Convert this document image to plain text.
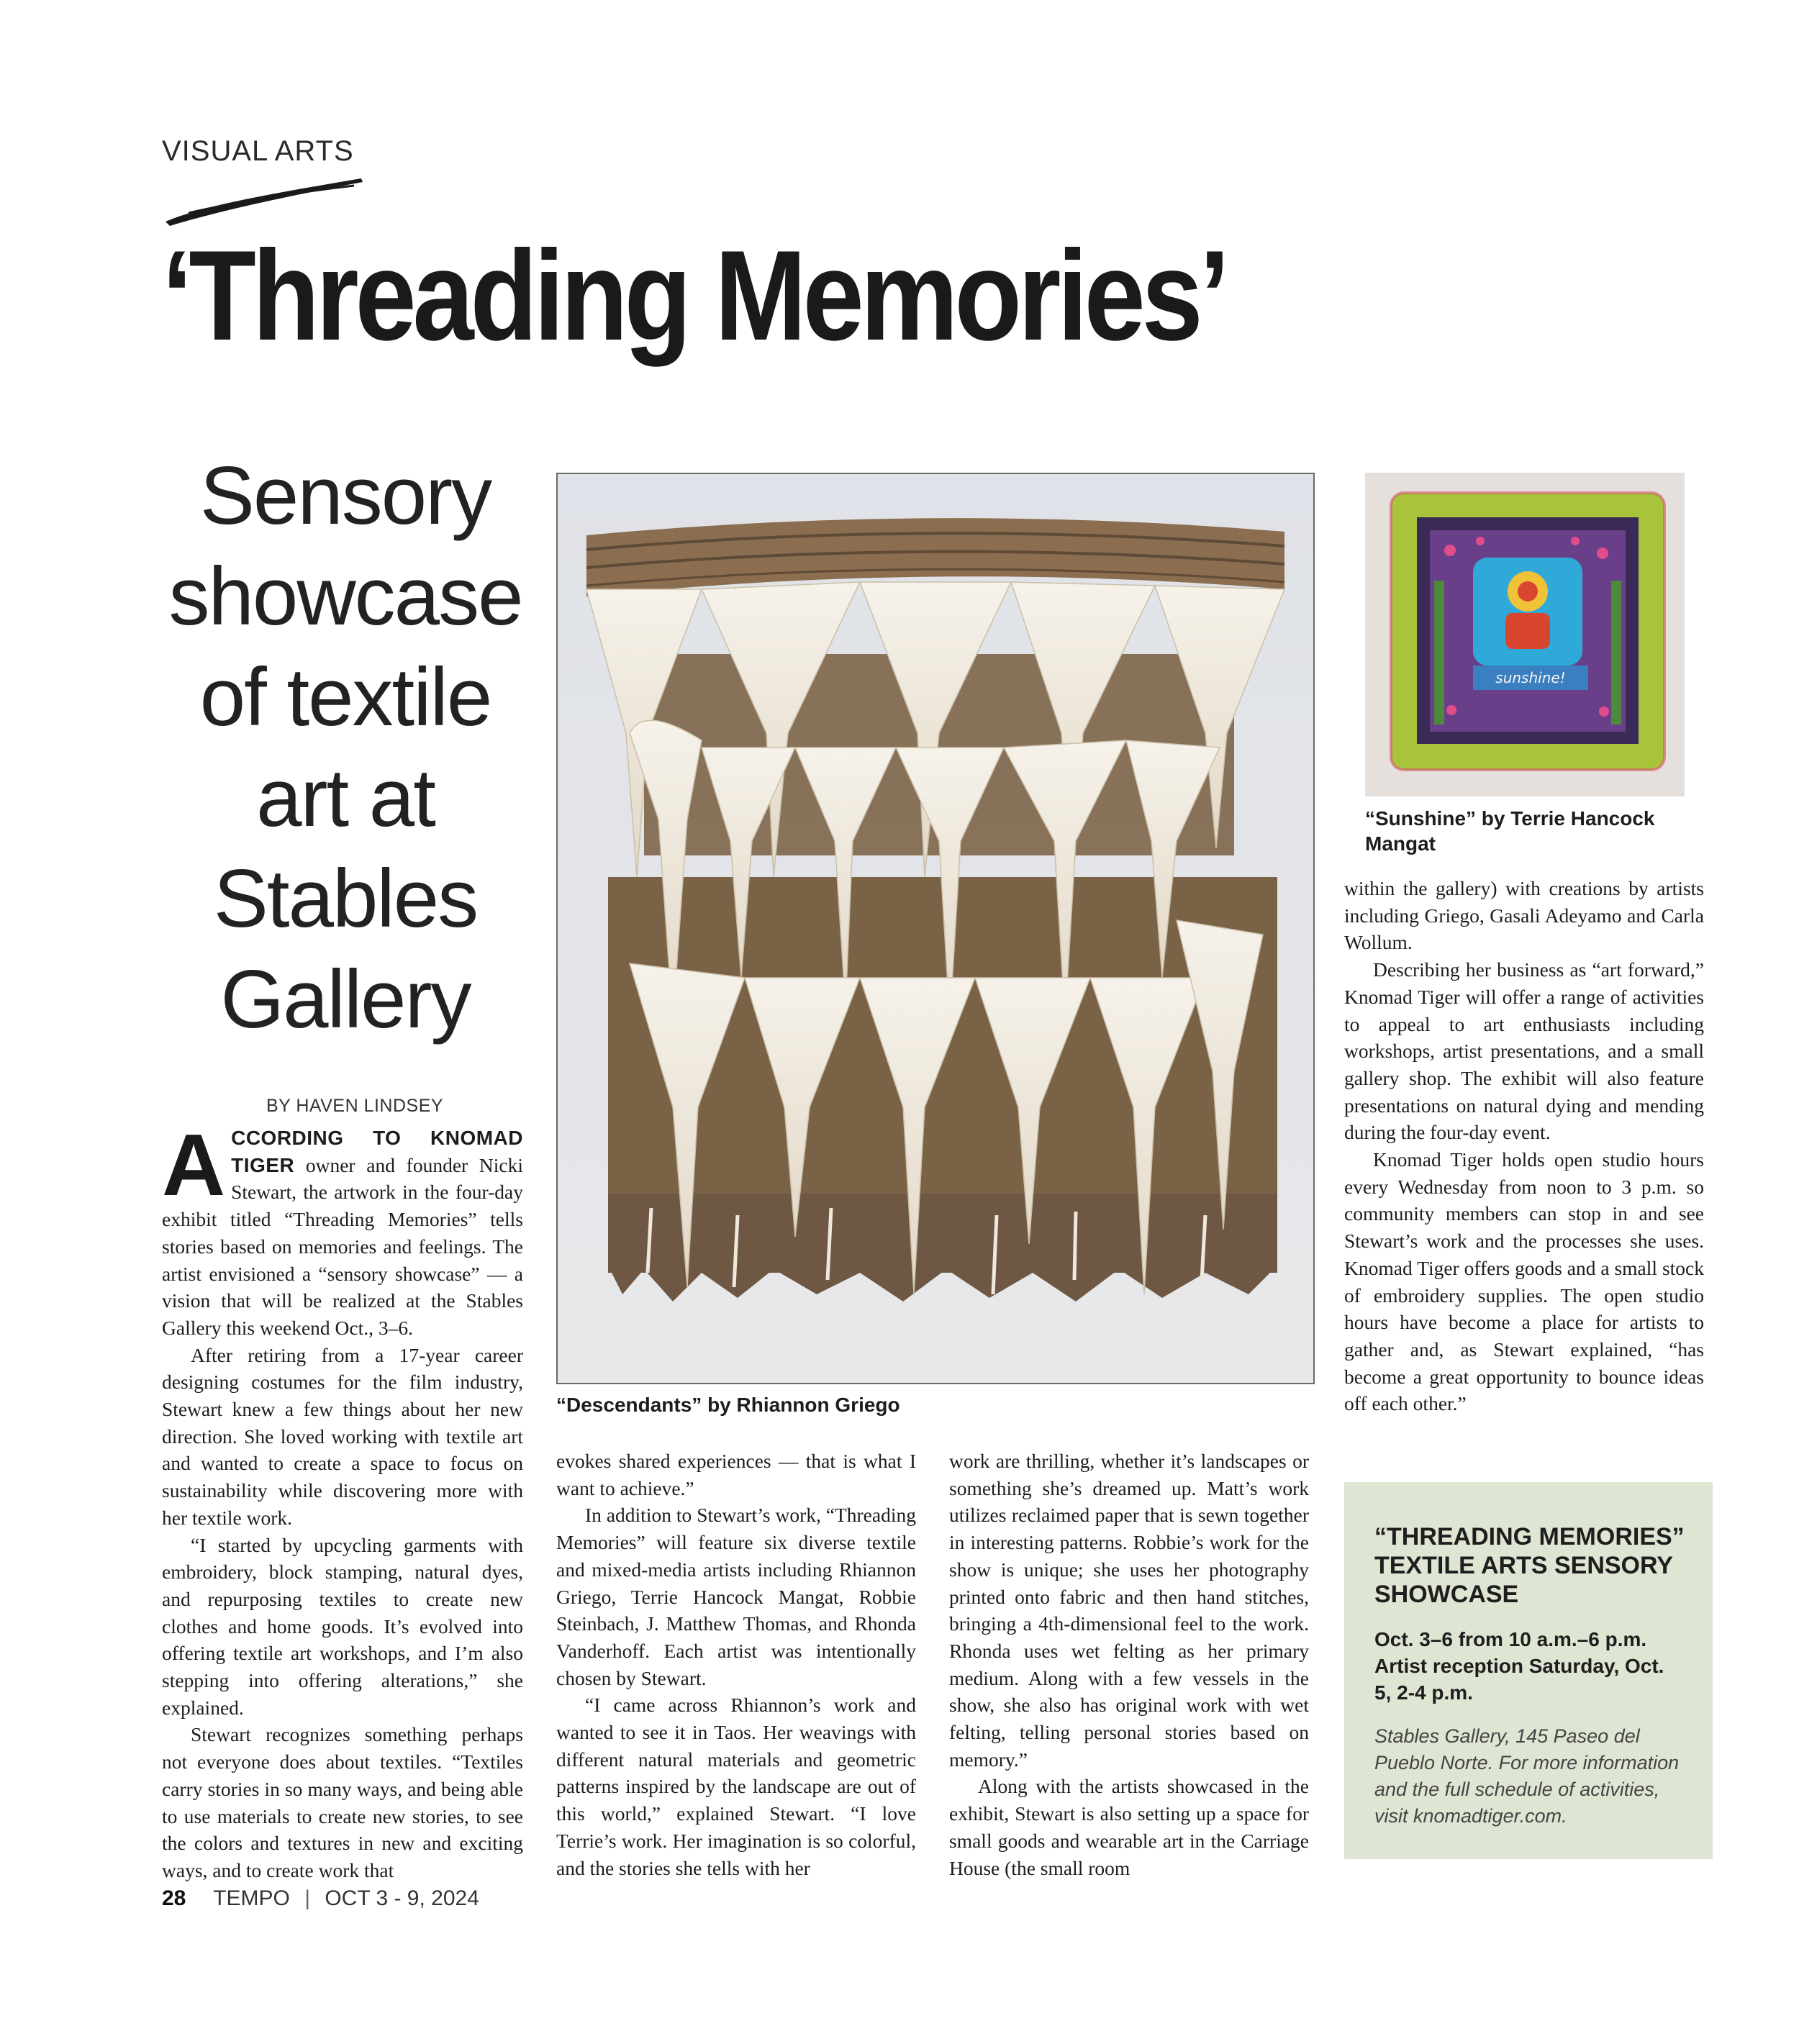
VISUAL ARTS
‘Threading Memories’
Sensory showcase of textile art at Stables Gallery
BY HAVEN LINDSEY

ACCORDING TO KNOMAD TIGER owner and founder Nicki Stewart, the artwork in the four-day exhibit titled “Threading Memories” tells stories based on memories and feelings. The artist envisioned a “sensory showcase” — a vision that will be realized at the Stables Gallery this weekend Oct., 3–6.

After retiring from a 17-year career designing costumes for the film industry, Stewart knew a few things about her new direction. She loved working with textile art and wanted to create a space to focus on sustainability while discovering more with her textile work.

“I started by upcycling garments with embroidery, block stamping, natural dyes, and repurposing textiles to create new clothes and home goods. It’s evolved into offering textile art workshops, and I’m also stepping into offering alterations,” she explained.

Stewart recognizes something perhaps not everyone does about textiles. “Textiles carry stories in so many ways, and being able to use materials to create new stories, to see the colors and textures in new and exciting ways, and to create work that

“Descendants” by Rhiannon Griego
sunshine!
“Sunshine” by Terrie Hancock Mangat

evokes shared experiences — that is what I want to achieve.”

In addition to Stewart’s work, “Threading Memories” will feature six diverse textile and mixed-media artists including Rhiannon Griego, Terrie Hancock Mangat, Robbie Steinbach, J. Matthew Thomas, and Rhonda Vanderhoff. Each artist was intentionally chosen by Stewart.

“I came across Rhiannon’s work and wanted to see it in Taos. Her weavings with different natural materials and geometric patterns inspired by the landscape are out of this world,” explained Stewart. “I love Terrie’s work. Her imagination is so colorful, and the stories she tells with her

work are thrilling, whether it’s landscapes or something she’s dreamed up. Matt’s work utilizes reclaimed paper that is sewn together in interesting patterns. Robbie’s work for the show is unique; she uses her photography printed onto fabric and then hand stitches, bringing a 4th-dimensional feel to the work. Rhonda uses wet felting as her primary medium. Along with a few vessels in the show, she also has original work with wet felting, telling personal stories based on memory.”

Along with the artists showcased in the exhibit, Stewart is also setting up a space for small goods and wearable art in the Carriage House (the small room

within the gallery) with creations by artists including Griego, Gasali Adeyamo and Carla Wollum.

Describing her business as “art forward,” Knomad Tiger will offer a range of activities to appeal to art enthusiasts including workshops, artist presentations, and a small gallery shop. The exhibit will also feature presentations on natural dying and mending during the four-day event.

Knomad Tiger holds open studio hours every Wednesday from noon to 3 p.m. so community members can stop in and see Stewart’s work and the processes she uses. Knomad Tiger offers goods and a small stock of embroidery supplies. The open studio hours have become a place for artists to gather and, as Stewart explained, “has become a great opportunity to bounce ideas off each other.”

“THREADING MEMORIES” TEXTILE ARTS SENSORY SHOWCASE
Oct. 3–6 from 10 a.m.–6 p.m. Artist reception Saturday, Oct. 5, 2-4 p.m.
Stables Gallery, 145 Paseo del Pueblo Norte. For more information and the full schedule of activities, visit knomadtiger.com.
28 TEMPO | OCT 3 - 9, 2024
